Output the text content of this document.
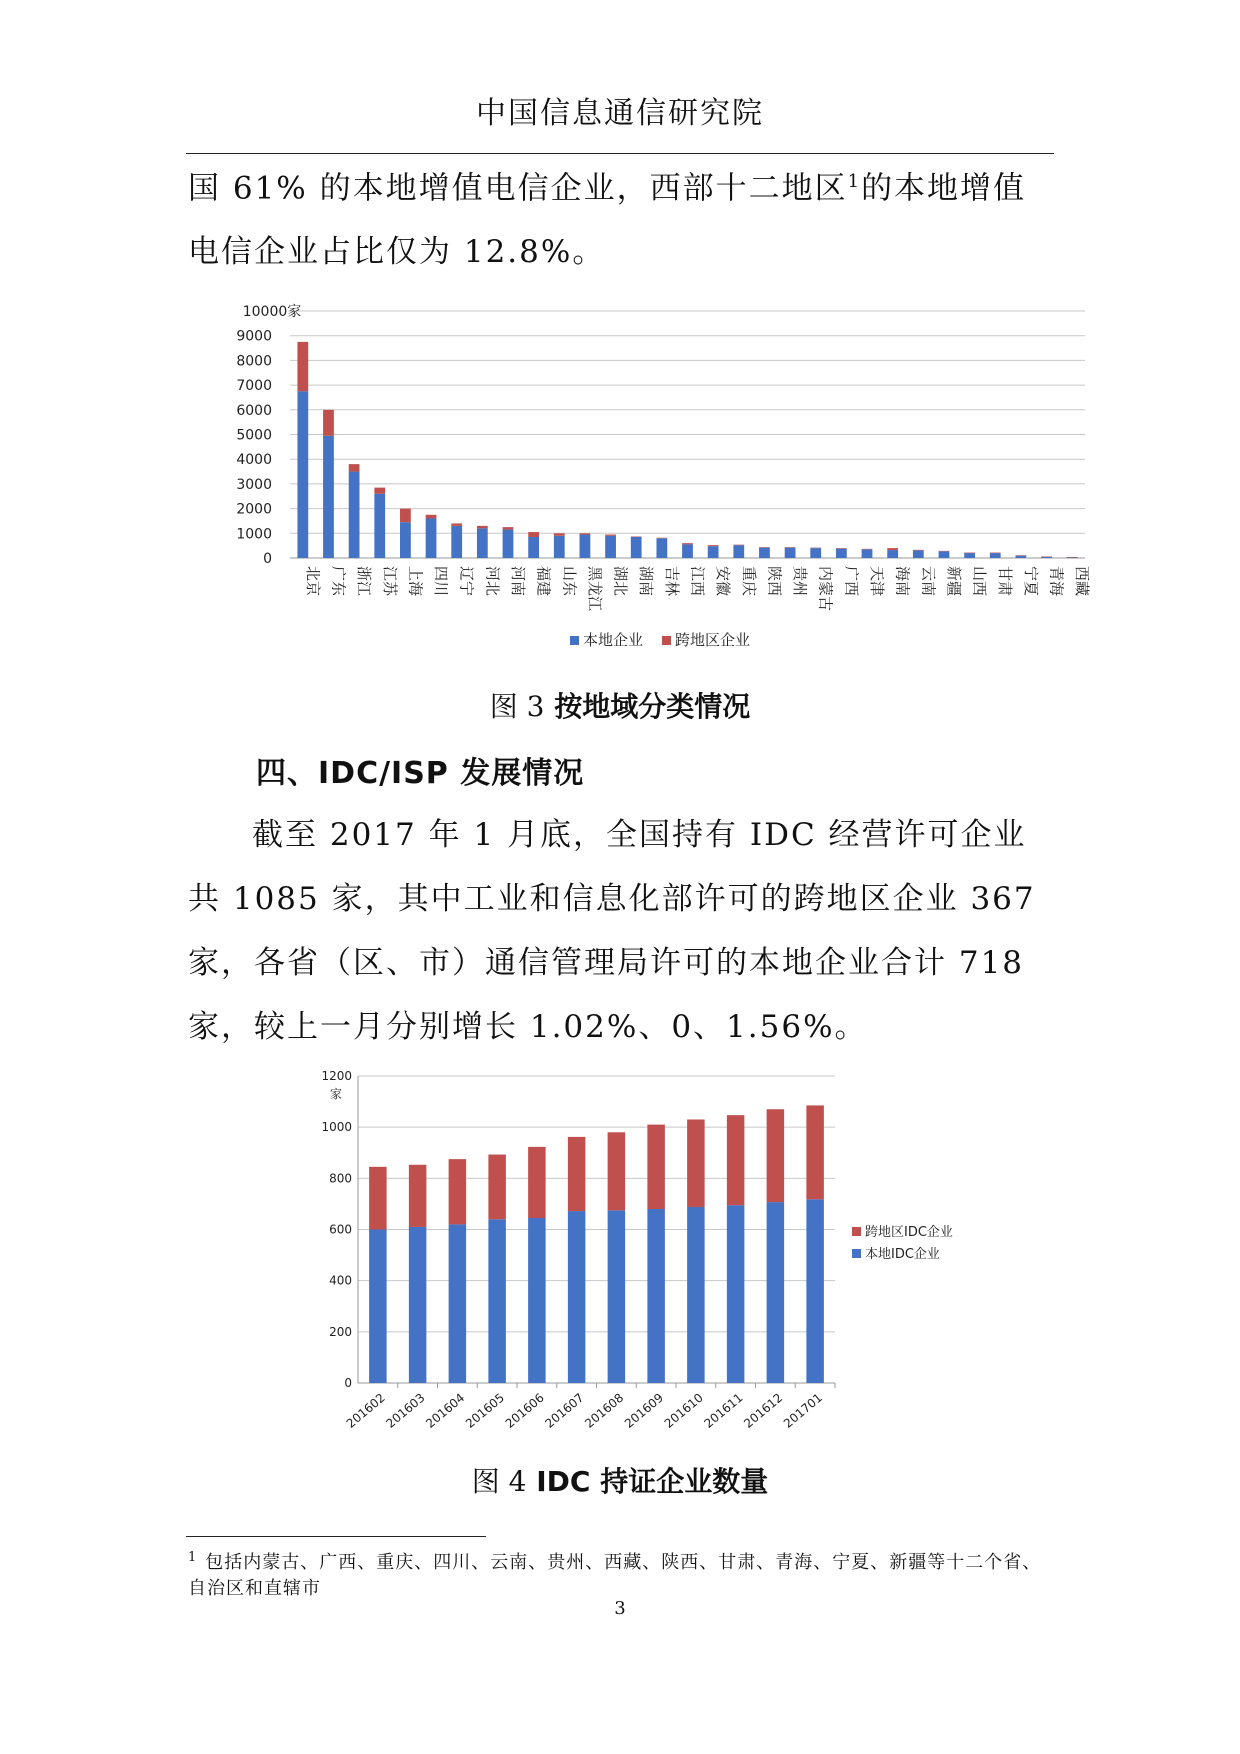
中国信息通信研究院
国 61% 的本地增值电信企业，西部十二地区$^1$的本地增值电信企业占比仅为 12.8%。
0
1000
2000
3000
4000
5000
6000
7000
8000
9000
10000家
北京 广东 浙江 江苏 上海 四川 辽宁 河北 河南 福建 山东 黑龙江 湖北 湖南 吉林 江西 安徽 重庆 陕西 贵州 内蒙古 广西 天津 海南 云南 新疆 山西 甘肃 宁夏 青海 西藏
本地企业 跨地区企业
图 3 按地域分类情况
四、IDC/ISP 发展情况
截至 2017 年 1 月底，全国持有 IDC 经营许可企业共 1085 家，其中工业和信息化部许可的跨地区企业 367 家，各省（区、市）通信管理局许可的本地企业合计 718 家，较上一月分别增长 1.02%、0、1.56%。
0
200
400
600
800
1000
1200
家
201602
201603
201604
201605
201606
201607
201608
201609
201610
201611
201612
201701
跨地区IDC企业
本地IDC企业
图 4 IDC 持证企业数量
$^1$ 包括内蒙古、广西、重庆、四川、云南、贵州、西藏、陕西、甘肃、青海、宁夏、新疆等十二个省、自治区和直辖市
3
